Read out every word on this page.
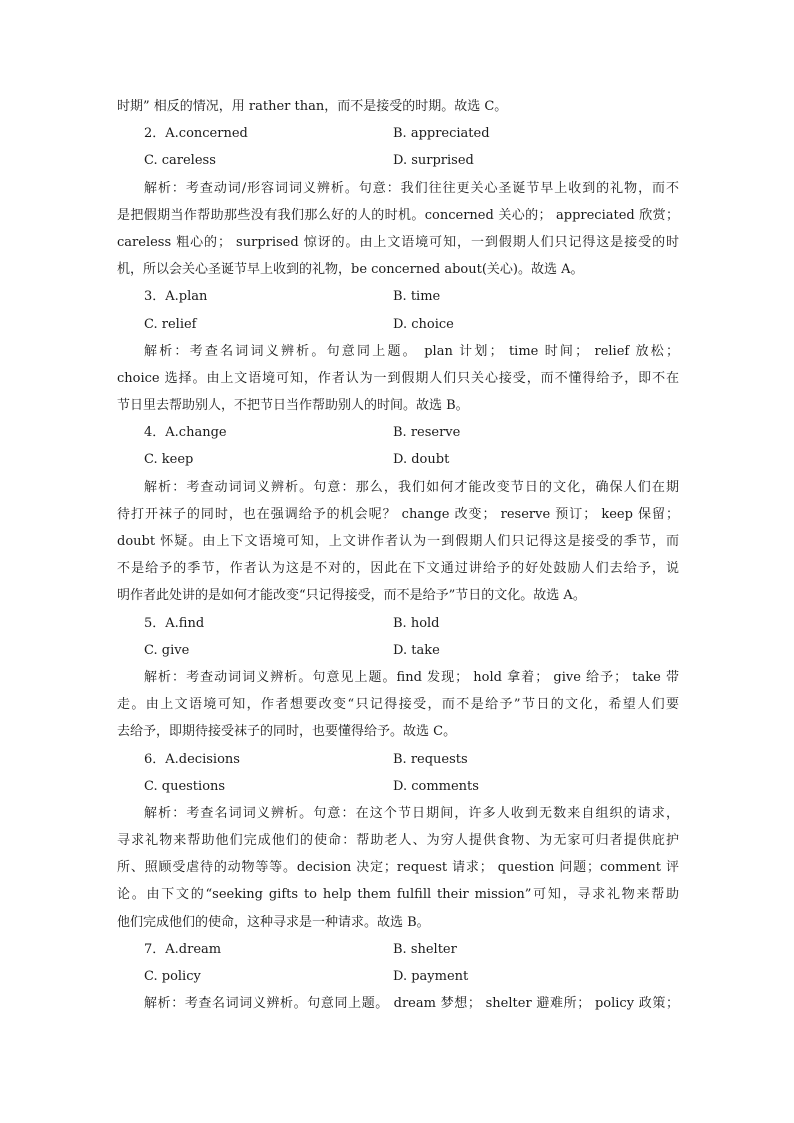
时期” 相反的情况，用 rather than，而不是接受的时期。故选 C。
2．A.concerned	B. appreciated
C. careless	D. surprised
解析：考查动词/形容词词义辨析。句意：我们往往更关心圣诞节早上收到的礼物，而不
是把假期当作帮助那些没有我们那么好的人的时机。concerned 关心的； appreciated 欣赏；
careless 粗心的； surprised 惊讶的。由上文语境可知，一到假期人们只记得这是接受的时
机，所以会关心圣诞节早上收到的礼物，be concerned about(关心)。故选 A。
3．A.plan	B. time
C. relief	D. choice
解析：考查名词词义辨析。句意同上题。 plan 计划； time 时间； relief 放松；
choice 选择。由上文语境可知，作者认为一到假期人们只关心接受，而不懂得给予，即不在
节日里去帮助别人，不把节日当作帮助别人的时间。故选 B。
4．A.change	B. reserve
C. keep	D. doubt
解析：考查动词词义辨析。句意：那么，我们如何才能改变节日的文化，确保人们在期
待打开袜子的同时，也在强调给予的机会呢？ change 改变； reserve 预订； keep 保留；
doubt 怀疑。由上下文语境可知，上文讲作者认为一到假期人们只记得这是接受的季节，而
不是给予的季节，作者认为这是不对的，因此在下文通过讲给予的好处鼓励人们去给予，说
明作者此处讲的是如何才能改变“只记得接受，而不是给予”节日的文化。故选 A。
5．A.find	B. hold
C. give	D. take
解析：考查动词词义辨析。句意见上题。find 发现； hold 拿着； give 给予； take 带
走。由上文语境可知，作者想要改变“只记得接受，而不是给予”节日的文化，希望人们要
去给予，即期待接受袜子的同时，也要懂得给予。故选 C。
6．A.decisions	B. requests
C. questions	D. comments
解析：考查名词词义辨析。句意：在这个节日期间，许多人收到无数来自组织的请求，
寻求礼物来帮助他们完成他们的使命：帮助老人、为穷人提供食物、为无家可归者提供庇护
所、照顾受虐待的动物等等。decision 决定；request 请求； question 问题；comment 评
论。由下文的“seeking gifts to help them fulfill their mission”可知，寻求礼物来帮助
他们完成他们的使命，这种寻求是一种请求。故选 B。
7．A.dream	B. shelter
C. policy	D. payment
解析：考查名词词义辨析。句意同上题。 dream 梦想； shelter 避难所； policy 政策；
